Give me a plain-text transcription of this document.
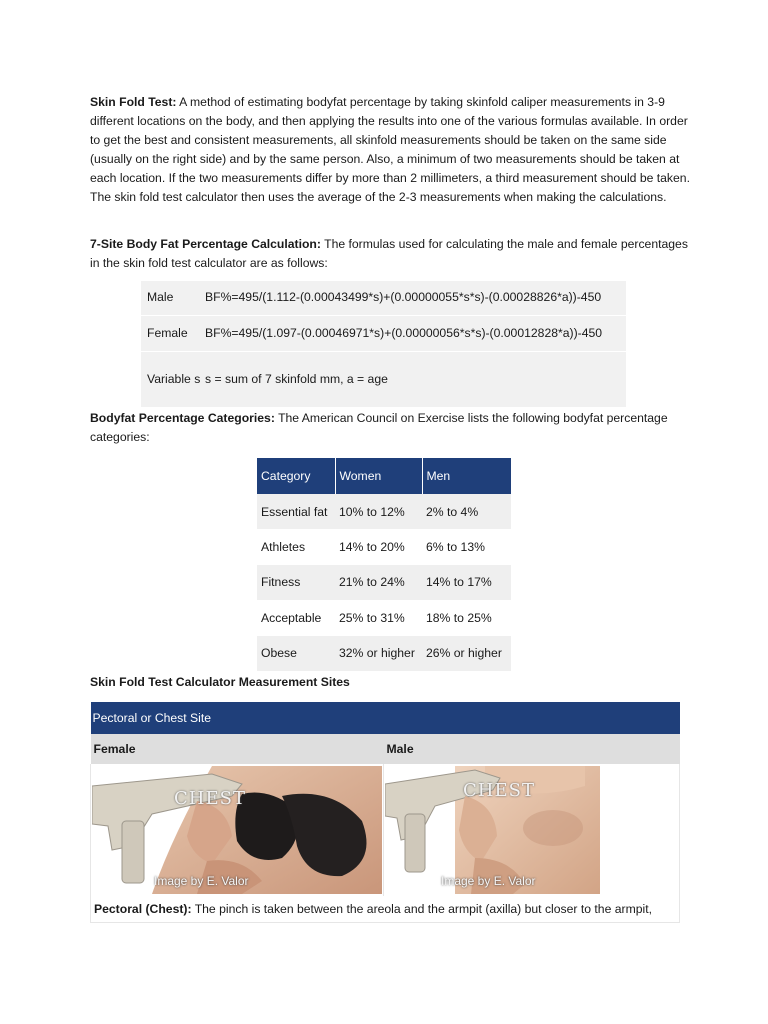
Skin Fold Test: A method of estimating bodyfat percentage by taking skinfold caliper measurements in 3-9 different locations on the body, and then applying the results into one of the various formulas available. In order to get the best and consistent measurements, all skinfold measurements should be taken on the same side (usually on the right side) and by the same person. Also, a minimum of two measurements should be taken at each location. If the two measurements differ by more than 2 millimeters, a third measurement should be taken. The skin fold test calculator then uses the average of the 2-3 measurements when making the calculations.

7-Site Body Fat Percentage Calculation: The formulas used for calculating the male and female percentages in the skin fold test calculator are as follows:

Male	BF%=495/(1.112-(0.00043499*s)+(0.00000055*s*s)-(0.00028826*a))-450
Female	BF%=495/(1.097-(0.00046971*s)+(0.00000056*s*s)-(0.00012828*a))-450
Variable s	s = sum of 7 skinfold mm, a = age

Bodyfat Percentage Categories: The American Council on Exercise lists the following bodyfat percentage categories:

Category	Women	Men
Essential fat	10% to 12%	2% to 4%
Athletes	14% to 20%	6% to 13%
Fitness	21% to 24%	14% to 17%
Acceptable	25% to 31%	18% to 25%
Obese	32% or higher	26% or higher

Skin Fold Test Calculator Measurement Sites

Pectoral or Chest Site	
Female	Male

CHEST
Image by E. Valor	CHEST
Image by E. Valor

Pectoral (Chest): The pinch is taken between the areola and the armpit (axilla) but closer to the armpit,	
